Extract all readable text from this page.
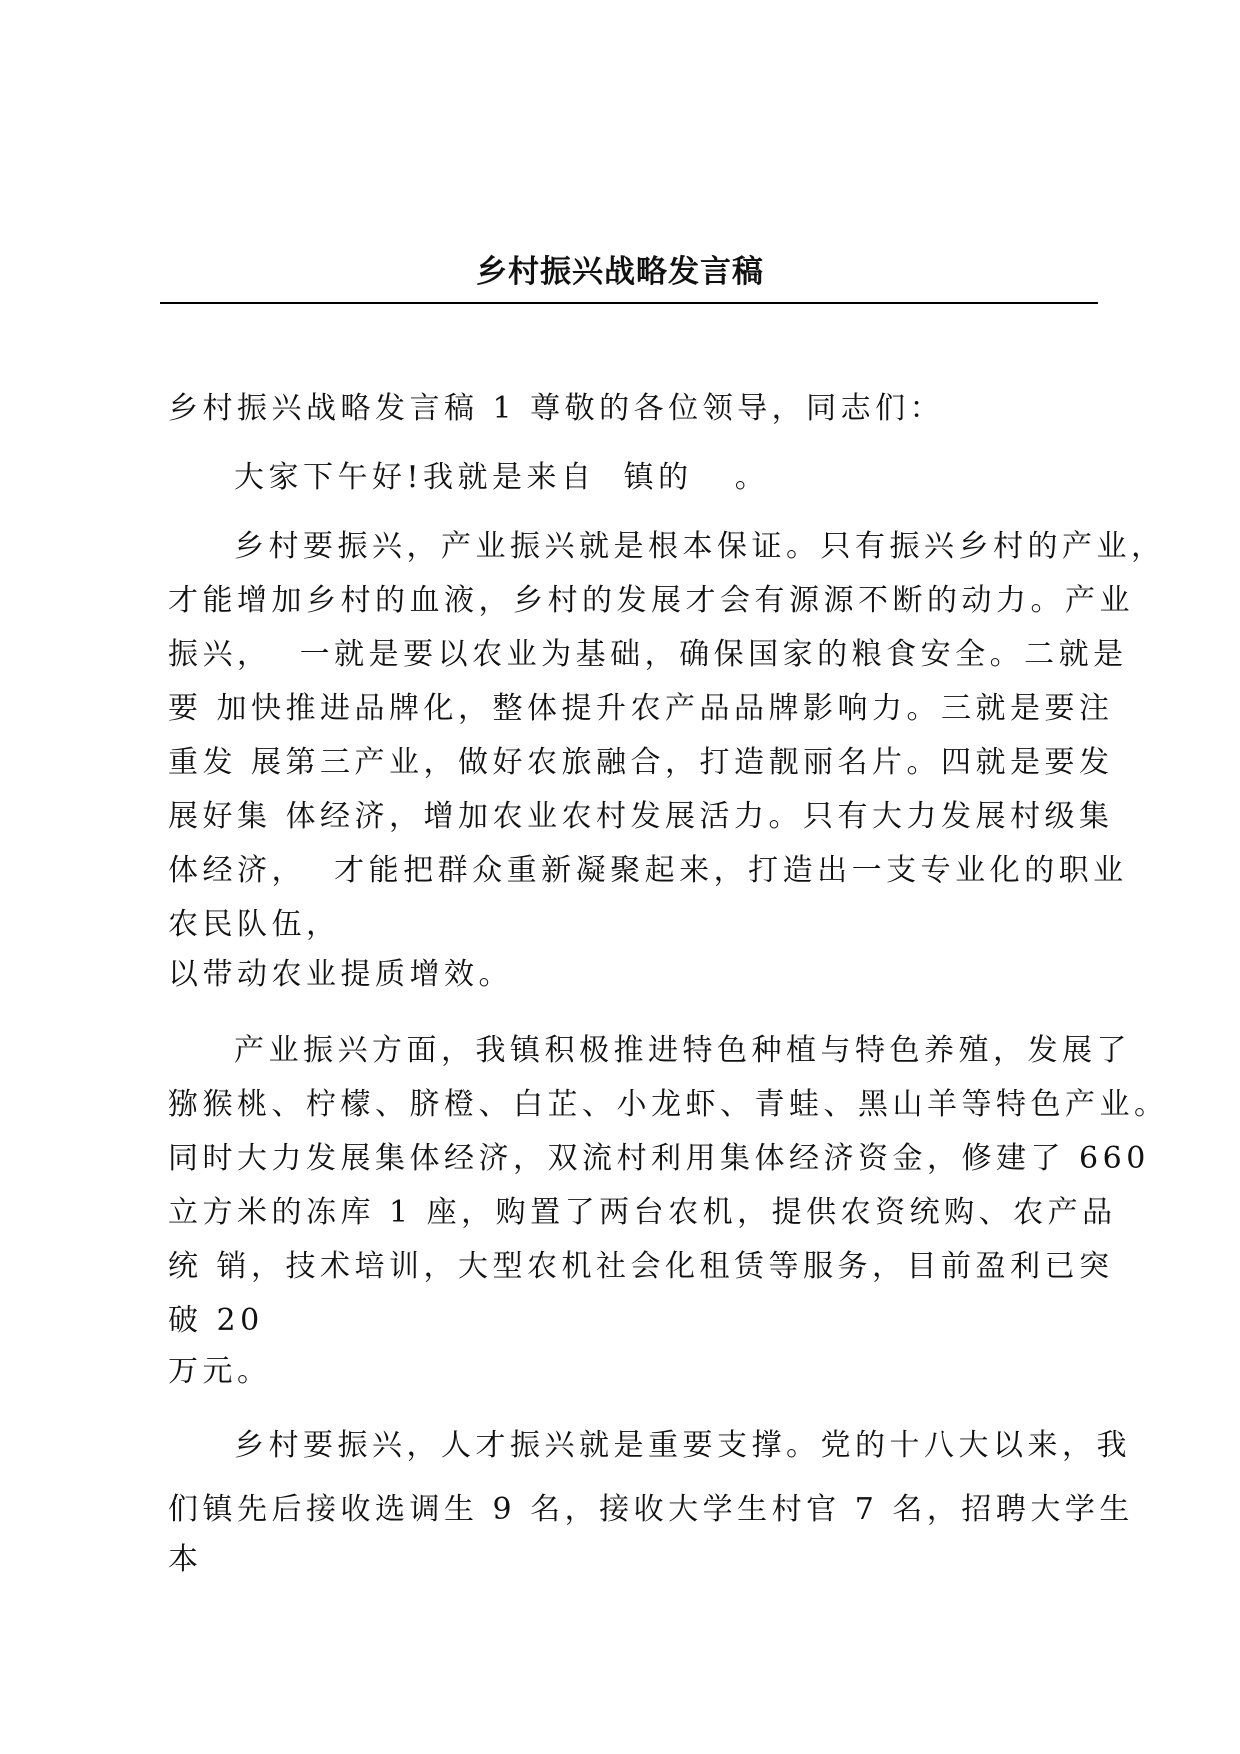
乡村振兴战略发言稿
乡村振兴战略发言稿 1 尊敬的各位领导，同志们：
大家下午好!我就是来自  镇的   。
乡村要振兴，产业振兴就是根本保证。只有振兴乡村的产业，
才能增加乡村的血液，乡村的发展才会有源源不断的动力。产业
振兴，  一就是要以农业为基础，确保国家的粮食安全。二就是
要 加快推进品牌化，整体提升农产品品牌影响力。三就是要注
重发 展第三产业，做好农旅融合，打造靓丽名片。四就是要发
展好集 体经济，增加农业农村发展活力。只有大力发展村级集
体经济，  才能把群众重新凝聚起来，打造出一支专业化的职业
农民队伍，
以带动农业提质增效。
产业振兴方面，我镇积极推进特色种植与特色养殖，发展了
猕猴桃、柠檬、脐橙、白芷、小龙虾、青蛙、黑山羊等特色产业。
同时大力发展集体经济，双流村利用集体经济资金，修建了 660
立方米的冻库 1 座，购置了两台农机，提供农资统购、农产品
统 销，技术培训，大型农机社会化租赁等服务，目前盈利已突
破 20
万元。
乡村要振兴，人才振兴就是重要支撑。党的十八大以来，我
们镇先后接收选调生 9 名，接收大学生村官 7 名，招聘大学生
本
